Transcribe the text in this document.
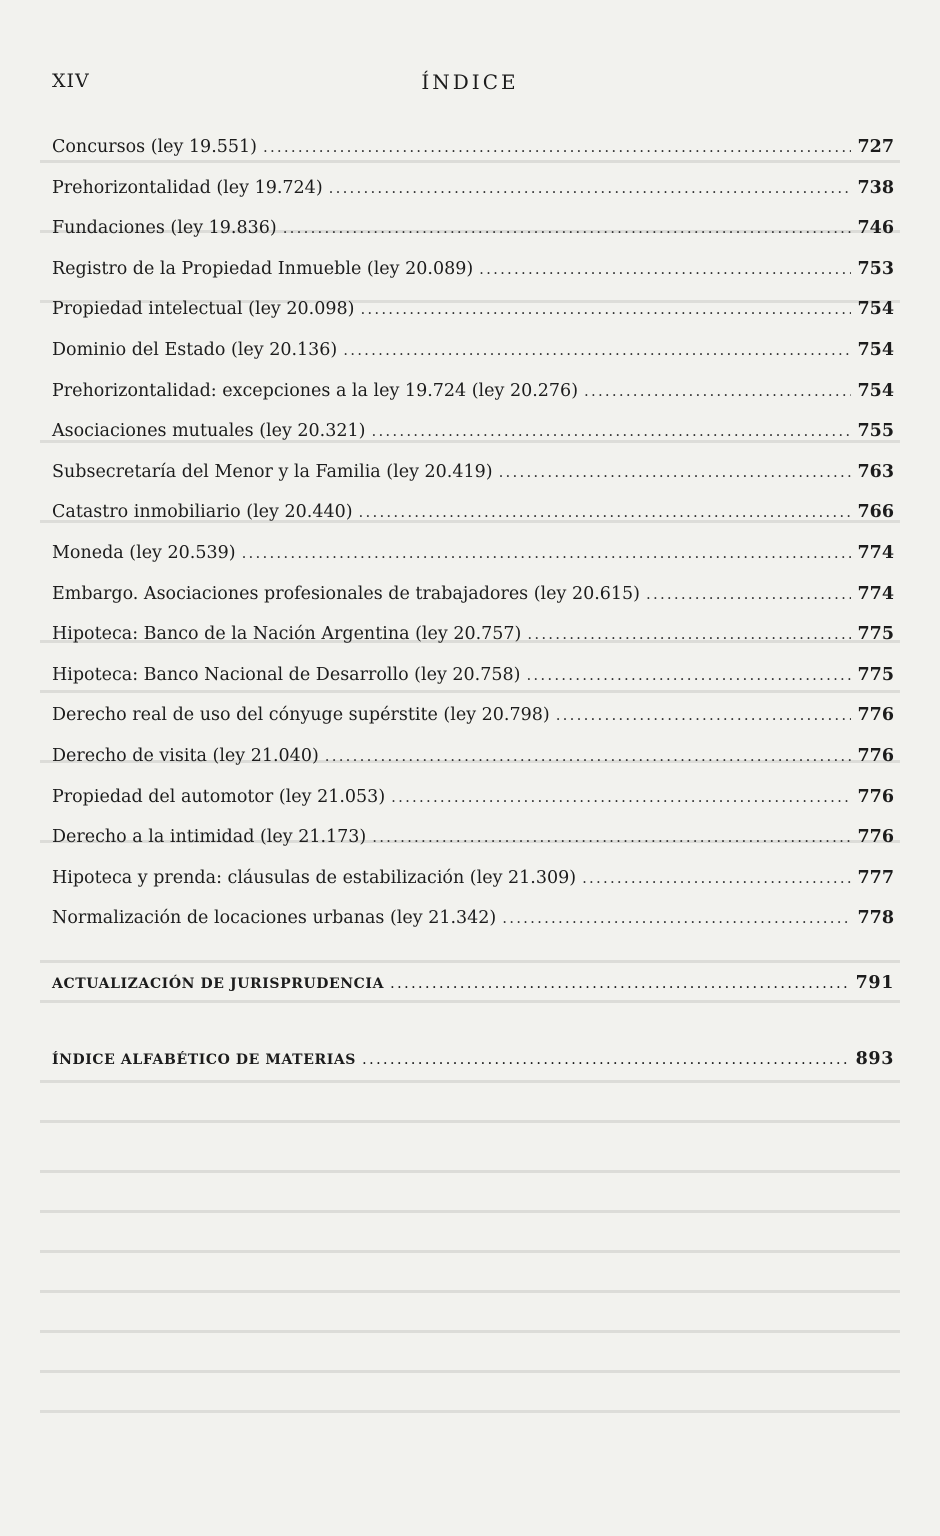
XIV	ÍNDICE
Concursos (ley 19.551) .....	727
Prehorizontalidad (ley 19.724) .....	738
Fundaciones (ley 19.836) .....	746
Registro de la Propiedad Inmueble (ley 20.089) .....	753
Propiedad intelectual (ley 20.098) .....	754
Dominio del Estado (ley 20.136) .....	754
Prehorizontalidad: excepciones a la ley 19.724 (ley 20.276) .....	754
Asociaciones mutuales (ley 20.321) .....	755
Subsecretaría del Menor y la Familia (ley 20.419) .....	763
Catastro inmobiliario (ley 20.440) .....	766
Moneda (ley 20.539) .....	774
Embargo. Asociaciones profesionales de trabajadores (ley 20.615) .....	774
Hipoteca: Banco de la Nación Argentina (ley 20.757) .....	775
Hipoteca: Banco Nacional de Desarrollo (ley 20.758) .....	775
Derecho real de uso del cónyuge supérstite (ley 20.798) .....	776
Derecho de visita (ley 21.040) .....	776
Propiedad del automotor (ley 21.053) .....	776
Derecho a la intimidad (ley 21.173) .....	776
Hipoteca y prenda: cláusulas de estabilización (ley 21.309) .....	777
Normalización de locaciones urbanas (ley 21.342) .....	778
ACTUALIZACIÓN DE JURISPRUDENCIA .....	791
ÍNDICE ALFABÉTICO DE MATERIAS .....	893
